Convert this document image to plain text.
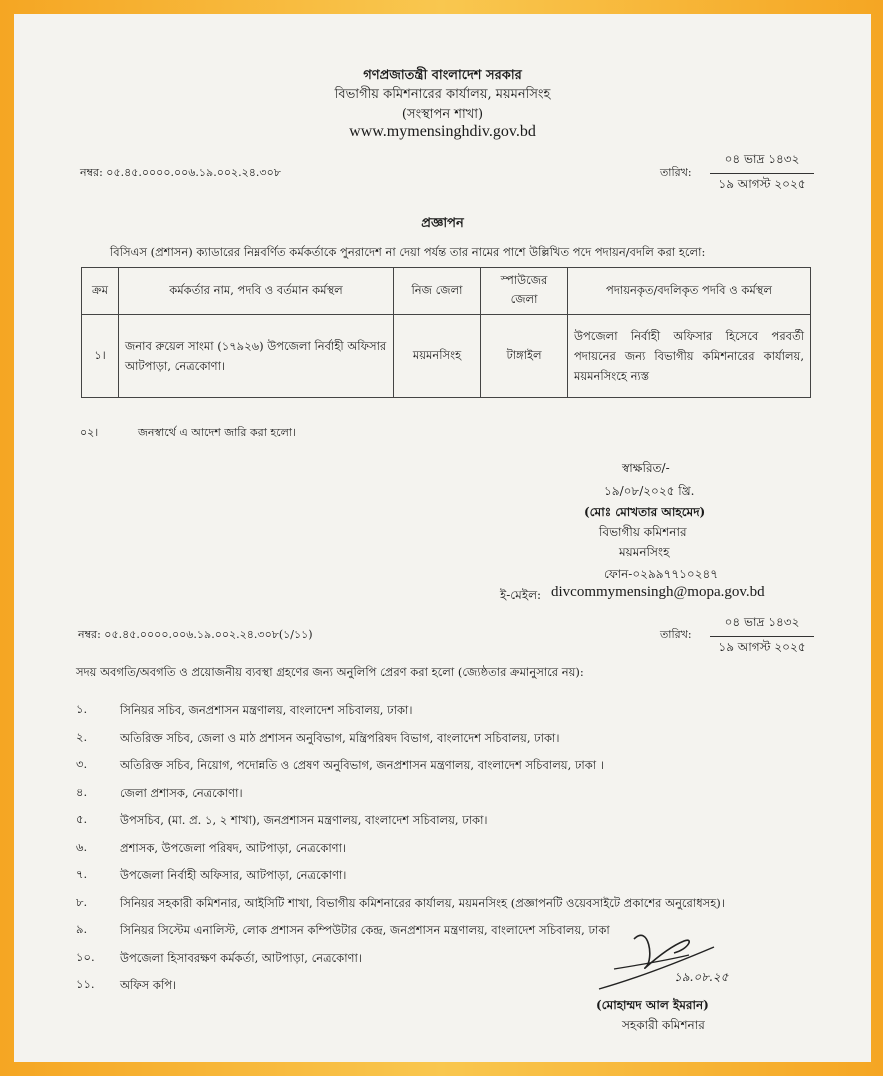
গণপ্রজাতন্ত্রী বাংলাদেশ সরকার
বিভাগীয় কমিশনারের কার্যালয়, ময়মনসিংহ
(সংস্থাপন শাখা)
www.mymensinghdiv.gov.bd
নম্বর: ০৫.৪৫.০০০০.০০৬.১৯.০০২.২৪.৩০৮	তারিখ:
০৪ ভাদ্র ১৪৩২
১৯ আগস্ট ২০২৫
প্রজ্ঞাপন
বিসিএস (প্রশাসন) ক্যাডারের নিম্নবর্ণিত কর্মকর্তাকে পুনরাদেশ না দেয়া পর্যন্ত তার নামের পাশে উল্লিখিত পদে পদায়ন/বদলি করা হলো:
ক্রম	কর্মকর্তার নাম, পদবি ও বর্তমান কর্মস্থল	নিজ জেলা	স্পাউজের জেলা	পদায়নকৃত/বদলিকৃত পদবি ও কর্মস্থল
১।	জনাব রুয়েল সাংমা (১৭৯২৬) উপজেলা নির্বাহী অফিসার আটপাড়া, নেত্রকোণা।	ময়মনসিংহ	টাঙ্গাইল	উপজেলা নির্বাহী অফিসার হিসেবে পরবর্তী পদায়নের জন্য বিভাগীয় কমিশনারের কার্যালয়, ময়মনসিংহে ন্যস্ত
০২।	জনস্বার্থে এ আদেশ জারি করা হলো।
স্বাক্ষরিত/-
১৯/০৮/২০২৫ খ্রি.
(মোঃ মোখতার আহমেদ)
বিভাগীয় কমিশনার
ময়মনসিংহ
ফোন-০২৯৯৭৭১০২৪৭
ই-মেইল: divcommymensingh@mopa.gov.bd
নম্বর: ০৫.৪৫.০০০০.০০৬.১৯.০০২.২৪.৩০৮(১/১১)	তারিখ:
০৪ ভাদ্র ১৪৩২
১৯ আগস্ট ২০২৫
সদয় অবগতি/অবগতি ও প্রয়োজনীয় ব্যবস্থা গ্রহণের জন্য অনুলিপি প্রেরণ করা হলো (জ্যেষ্ঠতার ক্রমানুসারে নয়):
১.	সিনিয়র সচিব, জনপ্রশাসন মন্ত্রণালয়, বাংলাদেশ সচিবালয়, ঢাকা।
২.	অতিরিক্ত সচিব, জেলা ও মাঠ প্রশাসন অনুবিভাগ, মন্ত্রিপরিষদ বিভাগ, বাংলাদেশ সচিবালয়, ঢাকা।
৩.	অতিরিক্ত সচিব, নিয়োগ, পদোন্নতি ও প্রেষণ অনুবিভাগ, জনপ্রশাসন মন্ত্রণালয়, বাংলাদেশ সচিবালয়, ঢাকা ।
৪.	জেলা প্রশাসক, নেত্রকোণা।
৫.	উপসচিব, (মা. প্র. ১, ২ শাখা), জনপ্রশাসন মন্ত্রণালয়, বাংলাদেশ সচিবালয়, ঢাকা।
৬.	প্রশাসক, উপজেলা পরিষদ, আটপাড়া, নেত্রকোণা।
৭.	উপজেলা নির্বাহী অফিসার, আটপাড়া, নেত্রকোণা।
৮.	সিনিয়র সহকারী কমিশনার, আইসিটি শাখা, বিভাগীয় কমিশনারের কার্যালয়, ময়মনসিংহ (প্রজ্ঞাপনটি ওয়েবসাইটে প্রকাশের অনুরোধসহ)।
৯.	সিনিয়র সিস্টেম এনালিস্ট, লোক প্রশাসন কম্পিউটার কেন্দ্র, জনপ্রশাসন মন্ত্রণালয়, বাংলাদেশ সচিবালয়, ঢাকা
১০.	উপজেলা হিসাবরক্ষণ কর্মকর্তা, আটপাড়া, নেত্রকোণা।
১১.	অফিস কপি।
১৯.০৮.২৫
(মোহাম্মদ আল ইমরান)
সহকারী কমিশনার
